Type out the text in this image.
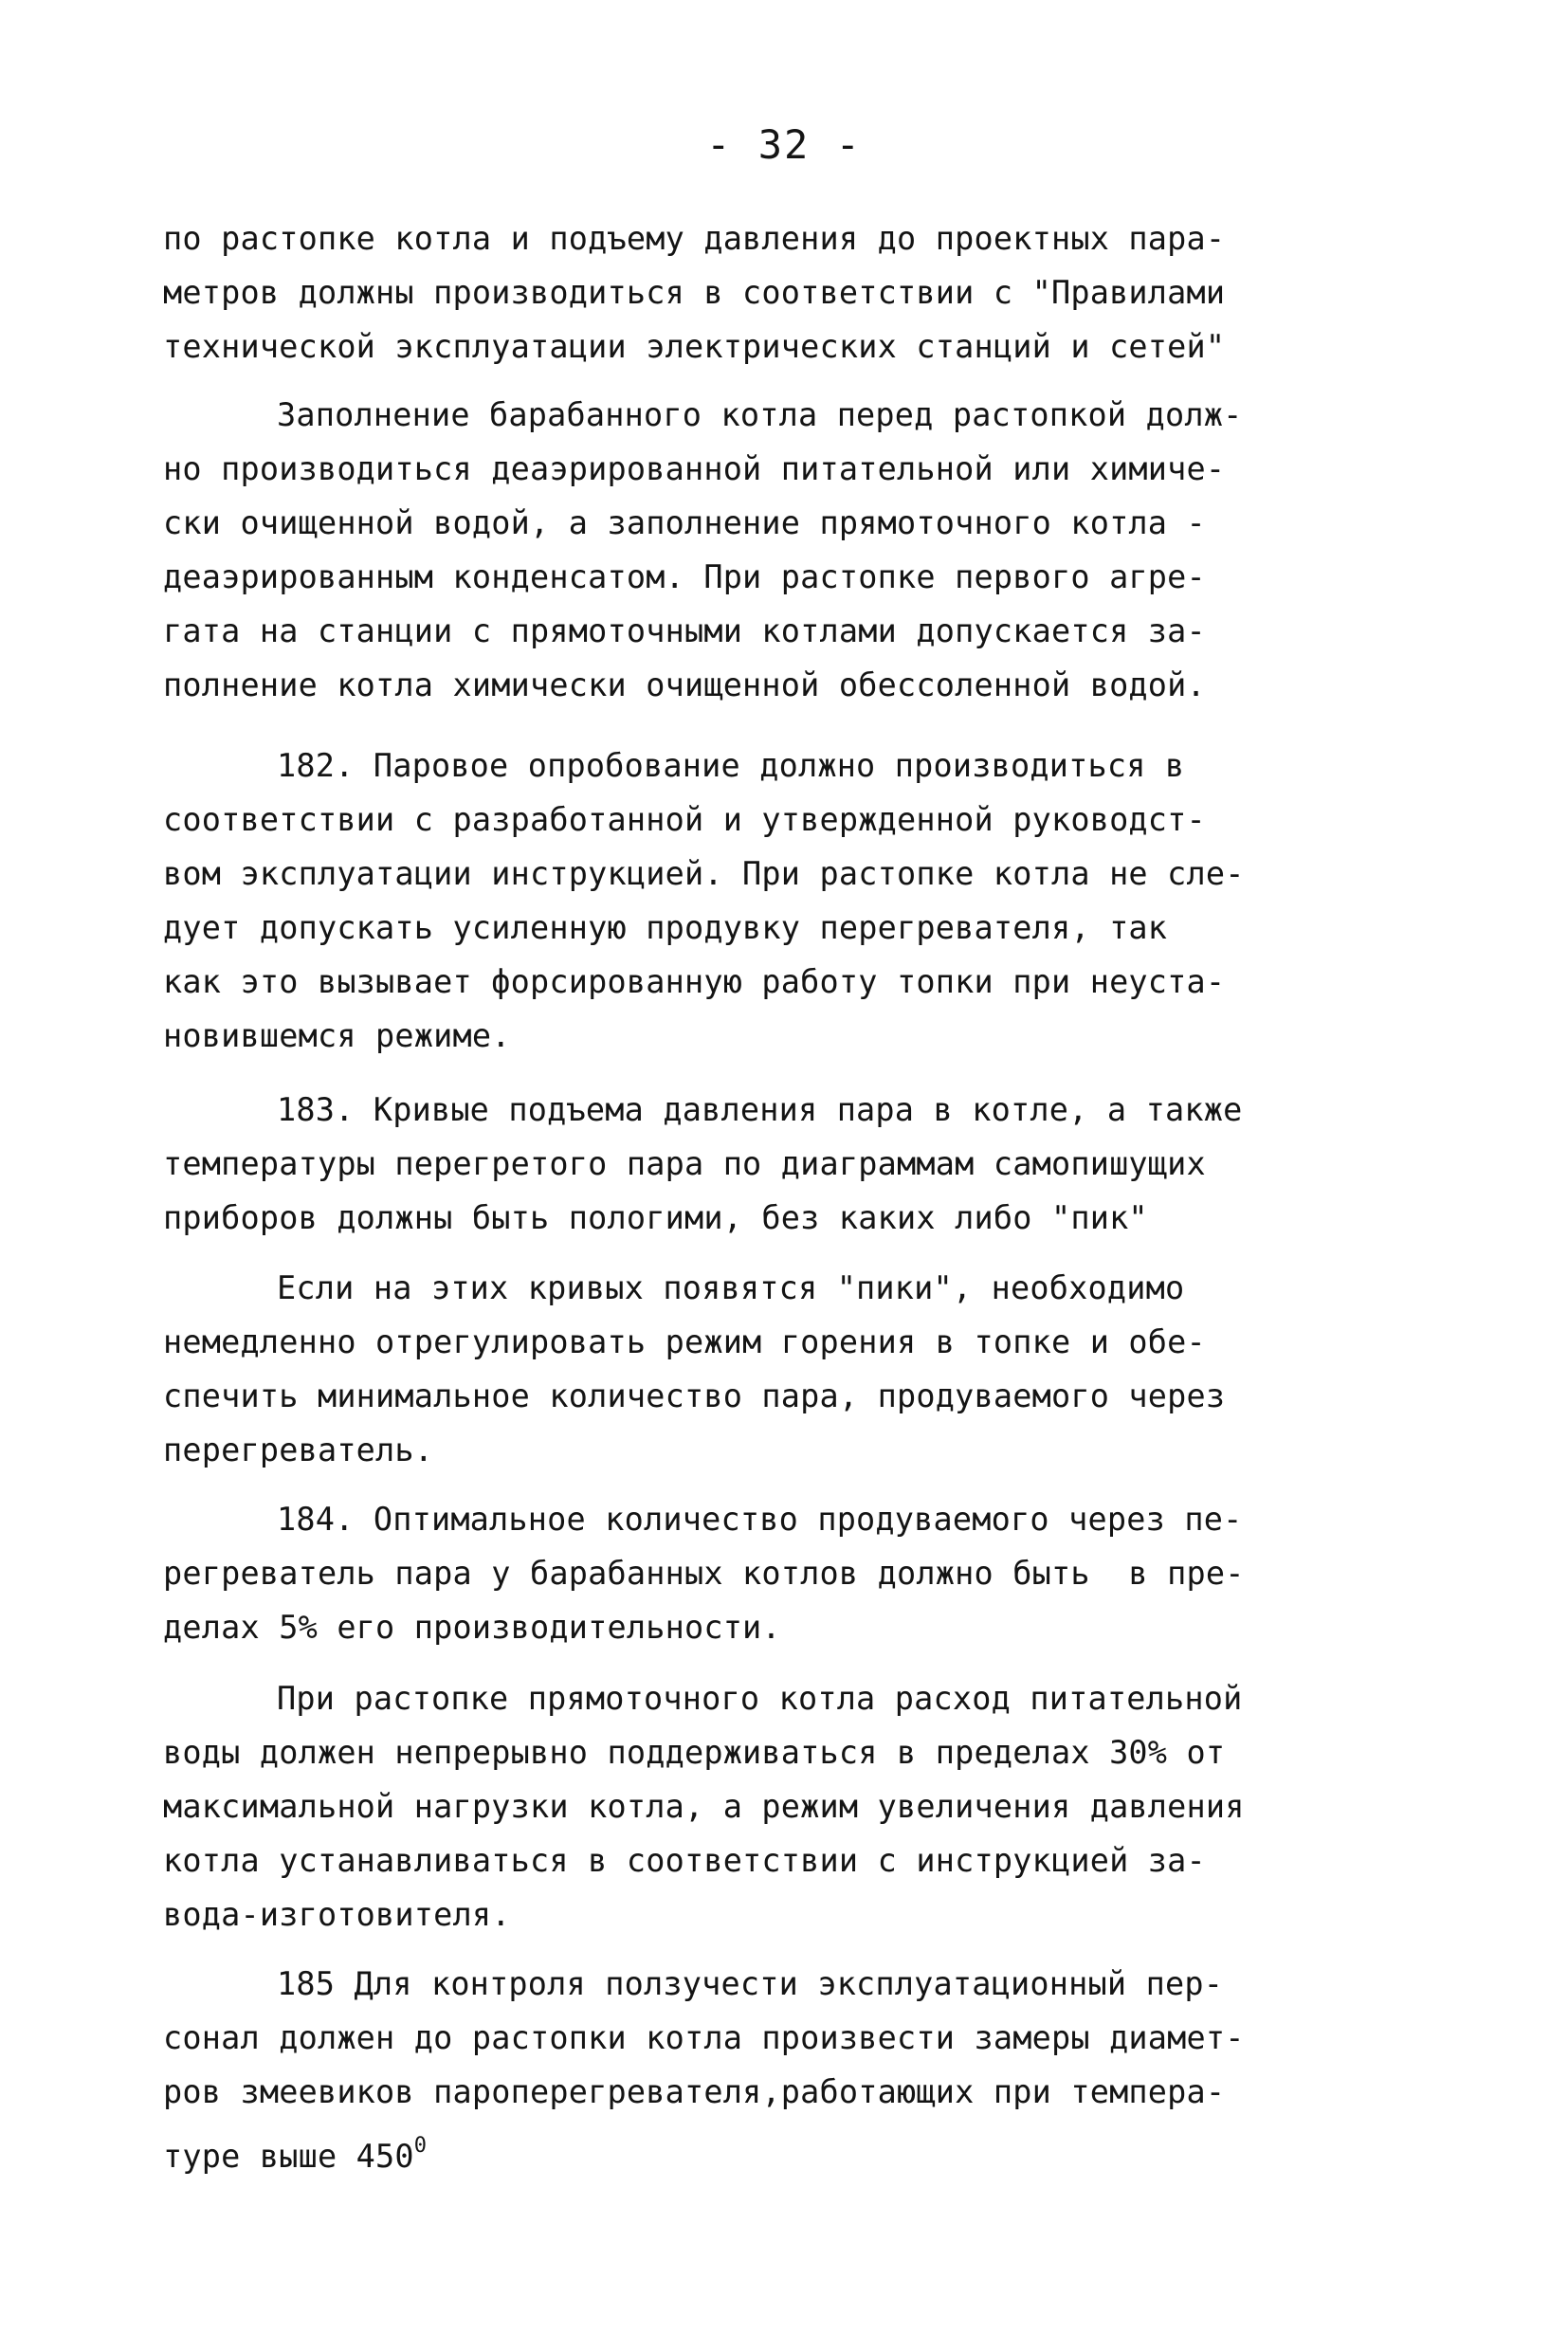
- 32 -
по растопке котла и подъему давления до проектных пара-
метров должны производиться в соответствии с "Правилами
технической эксплуатации электрических станций и сетей"
Заполнение барабанного котла перед растопкой долж-
но производиться деаэрированной питательной или химиче-
ски очищенной водой, а заполнение прямоточного котла -
деаэрированным конденсатом. При растопке первого агре-
гата на станции с прямоточными котлами допускается за-
полнение котла химически очищенной обессоленной водой.
182. Паровое опробование должно производиться в
соответствии с разработанной и утвержденной руководст-
вом эксплуатации инструкцией. При растопке котла не сле-
дует допускать усиленную продувку перегревателя, так
как это вызывает форсированную работу топки при неуста-
новившемся режиме.
183. Кривые подъема давления пара в котле, а также
температуры перегретого пара по диаграммам самопишущих
приборов должны быть пологими, без каких либо "пик"
Если на этих кривых появятся "пики", необходимо
немедленно отрегулировать режим горения в топке и обе-
спечить минимальное количество пара, продуваемого через
перегреватель.
184. Оптимальное количество продуваемого через пе-
регреватель пара у барабанных котлов должно быть  в пре-
делах 5% его производительности.
При растопке прямоточного котла расход питательной
воды должен непрерывно поддерживаться в пределах 30% от
максимальной нагрузки котла, а режим увеличения давления
котла устанавливаться в соответствии с инструкцией за-
вода-изготовителя.
185 Для контроля ползучести эксплуатационный пер-
сонал должен до растопки котла произвести замеры диамет-
ров змеевиков пароперегревателя,работающих при темпера-
туре выше $450^0$
